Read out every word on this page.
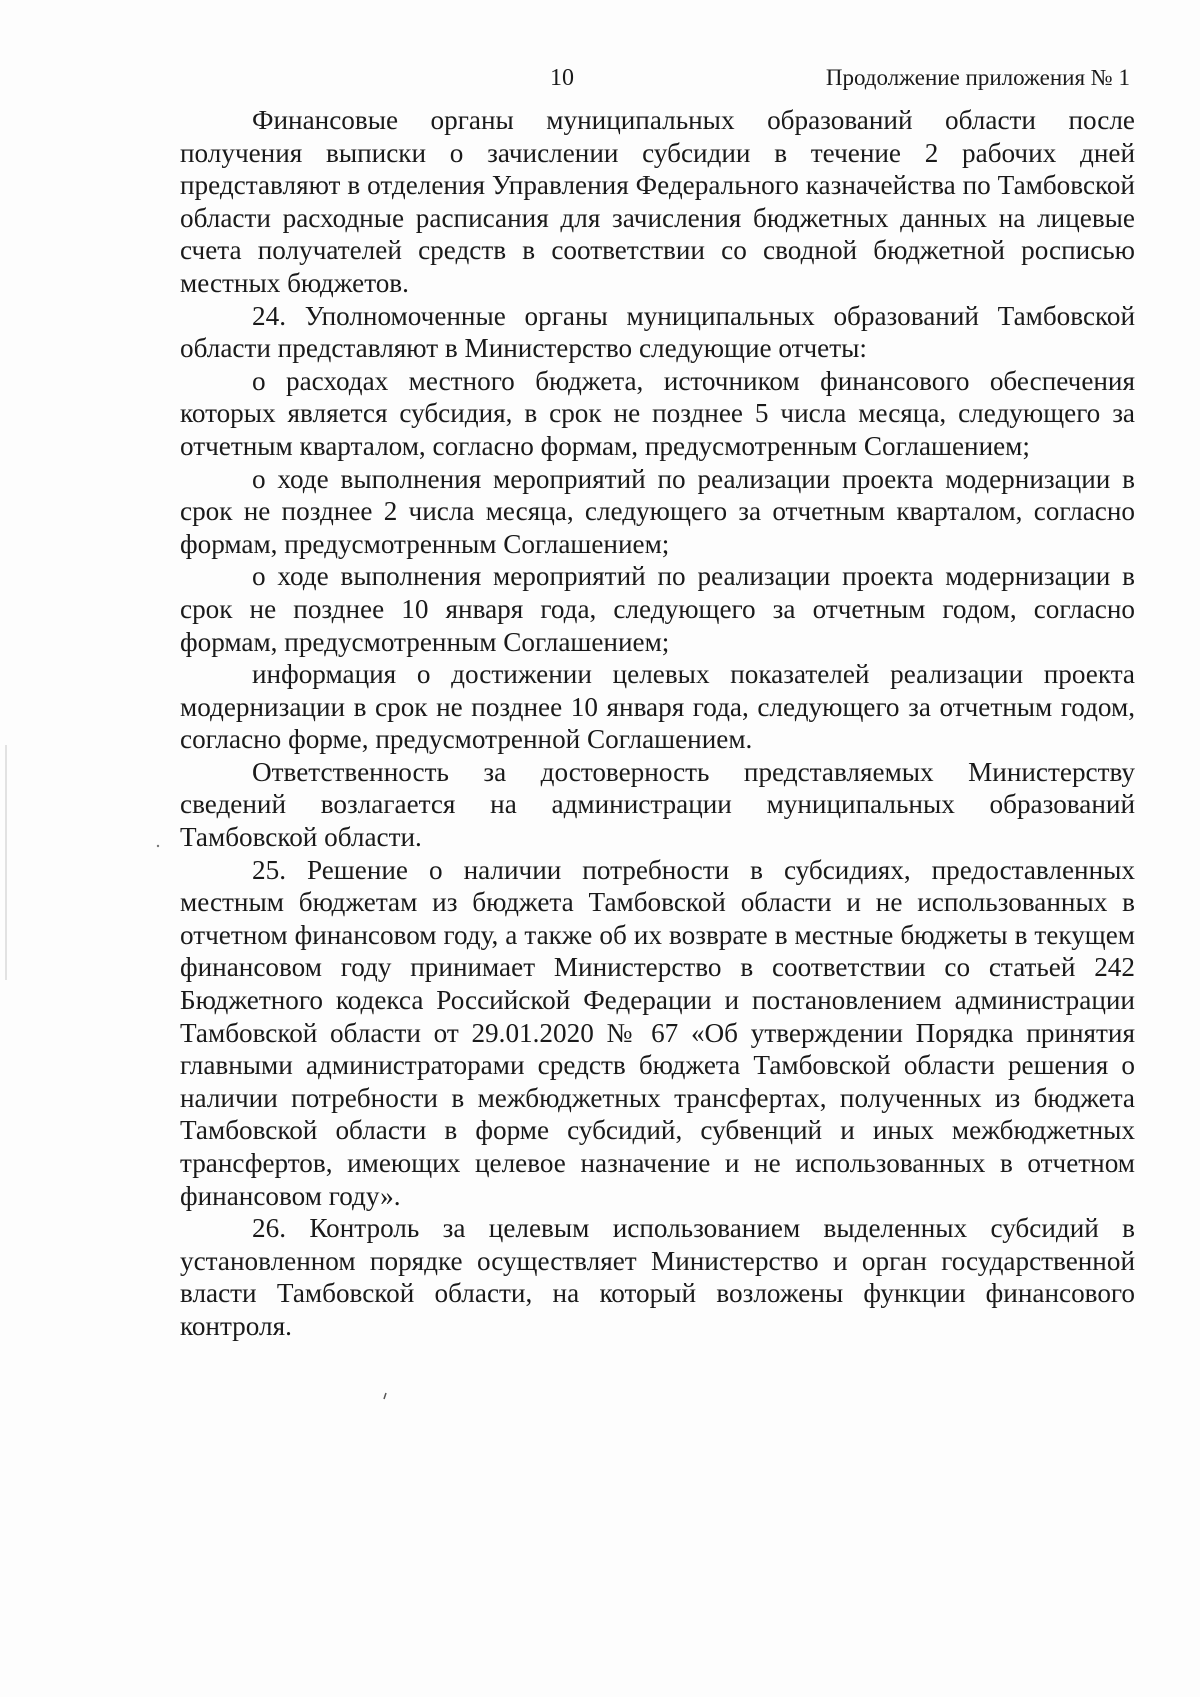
10	Продолжение приложения № 1

Финансовые органы муниципальных образований области после получения выписки о зачислении субсидии в течение 2 рабочих дней представляют в отделения Управления Федерального казначейства по Тамбовской области расходные расписания для зачисления бюджетных данных на лицевые счета получателей средств в соответствии со сводной бюджетной росписью местных бюджетов.

24. Уполномоченные органы муниципальных образований Тамбовской области представляют в Министерство следующие отчеты:

о расходах местного бюджета, источником финансового обеспечения которых является субсидия, в срок не позднее 5 числа месяца, следующего за отчетным кварталом, согласно формам, предусмотренным Соглашением;

о ходе выполнения мероприятий по реализации проекта модернизации в срок не позднее 2 числа месяца, следующего за отчетным кварталом, согласно формам, предусмотренным Соглашением;

о ходе выполнения мероприятий по реализации проекта модернизации в срок не позднее 10 января года, следующего за отчетным годом, согласно формам, предусмотренным Соглашением;

информация о достижении целевых показателей реализации проекта модернизации в срок не позднее 10 января года, следующего за отчетным годом, согласно форме, предусмотренной Соглашением.

Ответственность за достоверность представляемых Министерству сведений возлагается на администрации муниципальных образований Тамбовской области.

25. Решение о наличии потребности в субсидиях, предоставленных местным бюджетам из бюджета Тамбовской области и не использованных в отчетном финансовом году, а также об их возврате в местные бюджеты в текущем финансовом году принимает Министерство в соответствии со статьей 242 Бюджетного кодекса Российской Федерации и постановлением администрации Тамбовской области от 29.01.2020 № 67 «Об утверждении Порядка принятия главными администраторами средств бюджета Тамбовской области решения о наличии потребности в межбюджетных трансфертах, полученных из бюджета Тамбовской области в форме субсидий, субвенций и иных межбюджетных трансфертов, имеющих целевое назначение и не использованных в отчетном финансовом году».

26. Контроль за целевым использованием выделенных субсидий в установленном порядке осуществляет Министерство и орган государственной власти Тамбовской области, на который возложены функции финансового контроля.
